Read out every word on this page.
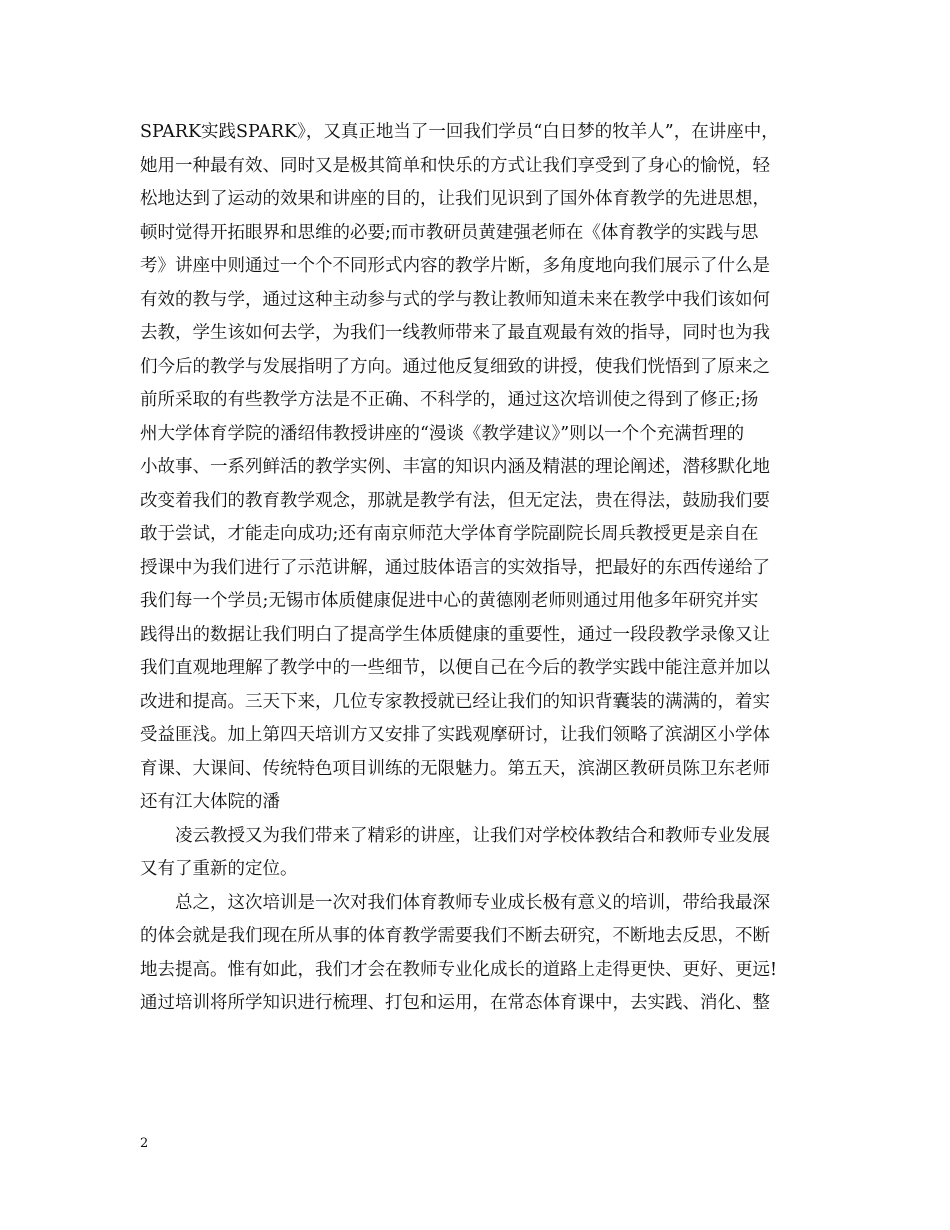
SPARK实践SPARK》，又真正地当了一回我们学员“白日梦的牧羊人”，在讲座中，
她用一种最有效、同时又是极其简单和快乐的方式让我们享受到了身心的愉悦，轻
松地达到了运动的效果和讲座的目的，让我们见识到了国外体育教学的先进思想，
顿时觉得开拓眼界和思维的必要;而市教研员黄建强老师在《体育教学的实践与思
考》讲座中则通过一个个不同形式内容的教学片断，多角度地向我们展示了什么是
有效的教与学，通过这种主动参与式的学与教让教师知道未来在教学中我们该如何
去教，学生该如何去学，为我们一线教师带来了最直观最有效的指导，同时也为我
们今后的教学与发展指明了方向。通过他反复细致的讲授，使我们恍悟到了原来之
前所采取的有些教学方法是不正确、不科学的，通过这次培训使之得到了修正;扬
州大学体育学院的潘绍伟教授讲座的“漫谈《教学建议》”则以一个个充满哲理的
小故事、一系列鲜活的教学实例、丰富的知识内涵及精湛的理论阐述，潜移默化地
改变着我们的教育教学观念，那就是教学有法，但无定法，贵在得法，鼓励我们要
敢于尝试，才能走向成功;还有南京师范大学体育学院副院长周兵教授更是亲自在
授课中为我们进行了示范讲解，通过肢体语言的实效指导，把最好的东西传递给了
我们每一个学员;无锡市体质健康促进中心的黄德刚老师则通过用他多年研究并实
践得出的数据让我们明白了提高学生体质健康的重要性，通过一段段教学录像又让
我们直观地理解了教学中的一些细节，以便自己在今后的教学实践中能注意并加以
改进和提高。三天下来，几位专家教授就已经让我们的知识背囊装的满满的，着实
受益匪浅。加上第四天培训方又安排了实践观摩研讨，让我们领略了滨湖区小学体
育课、大课间、传统特色项目训练的无限魅力。第五天，滨湖区教研员陈卫东老师
还有江大体院的潘
凌云教授又为我们带来了精彩的讲座，让我们对学校体教结合和教师专业发展
又有了重新的定位。
总之，这次培训是一次对我们体育教师专业成长极有意义的培训，带给我最深
的体会就是我们现在所从事的体育教学需要我们不断去研究，不断地去反思，不断
地去提高。惟有如此，我们才会在教师专业化成长的道路上走得更快、更好、更远!
通过培训将所学知识进行梳理、打包和运用，在常态体育课中，去实践、消化、整
2
